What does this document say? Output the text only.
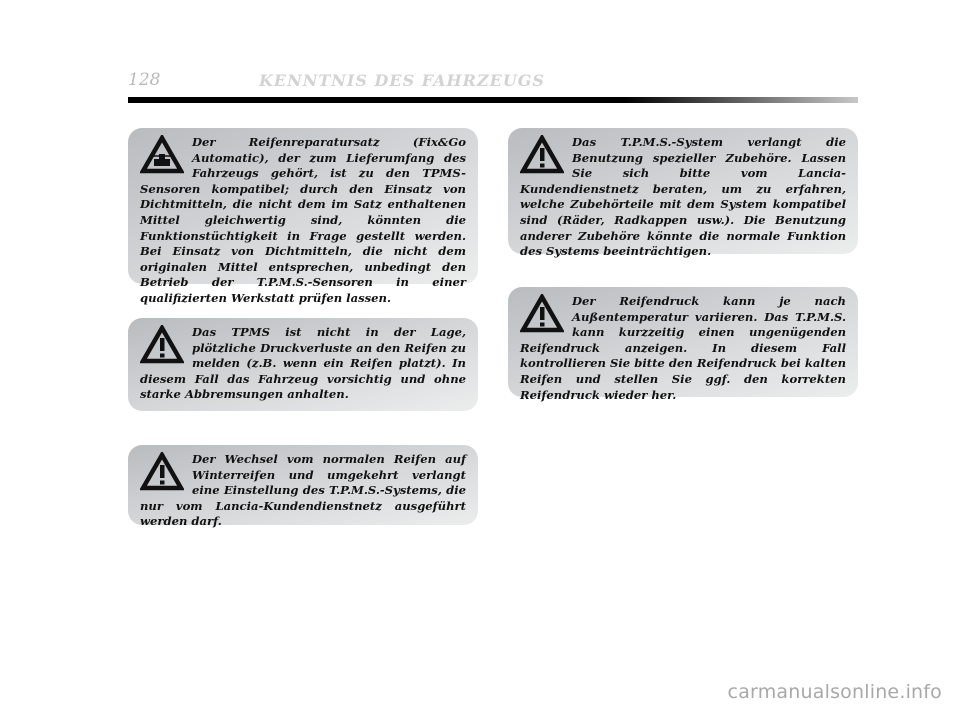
128	KENNTNIS DES FAHRZEUGS

Der Reifenreparatursatz (Fix&Go Automatic), der zum Lieferumfang des Fahrzeugs gehört, ist zu den TPMS-Sensoren kompatibel; durch den Einsatz von Dichtmitteln, die nicht dem im Satz enthaltenen Mittel gleichwertig sind, könnten die Funktionstüchtigkeit in Frage gestellt werden. Bei Einsatz von Dichtmitteln, die nicht dem originalen Mittel entsprechen, unbedingt den Betrieb der T.P.M.S.-Sensoren in einer qualifizierten Werkstatt prüfen lassen.

Das TPMS ist nicht in der Lage, plötzliche Druckverluste an den Reifen zu melden (z.B. wenn ein Reifen platzt). In diesem Fall das Fahrzeug vorsichtig und ohne starke Abbremsungen anhalten.

Der Wechsel vom normalen Reifen auf Winterreifen und umgekehrt verlangt eine Einstellung des T.P.M.S.-Systems, die nur vom Lancia-Kundendienstnetz ausgeführt werden darf.

Das T.P.M.S.-System verlangt die Benutzung spezieller Zubehöre. Lassen Sie sich bitte vom Lancia-Kundendienstnetz beraten, um zu erfahren, welche Zubehörteile mit dem System kompatibel sind (Räder, Radkappen usw.). Die Benutzung anderer Zubehöre könnte die normale Funktion des Systems beeinträchtigen.

Der Reifendruck kann je nach Außentemperatur variieren. Das T.P.M.S. kann kurzzeitig einen ungenügenden Reifendruck anzeigen. In diesem Fall kontrollieren Sie bitte den Reifendruck bei kalten Reifen und stellen Sie ggf. den korrekten Reifendruck wieder her.

carmanualsonline.info
